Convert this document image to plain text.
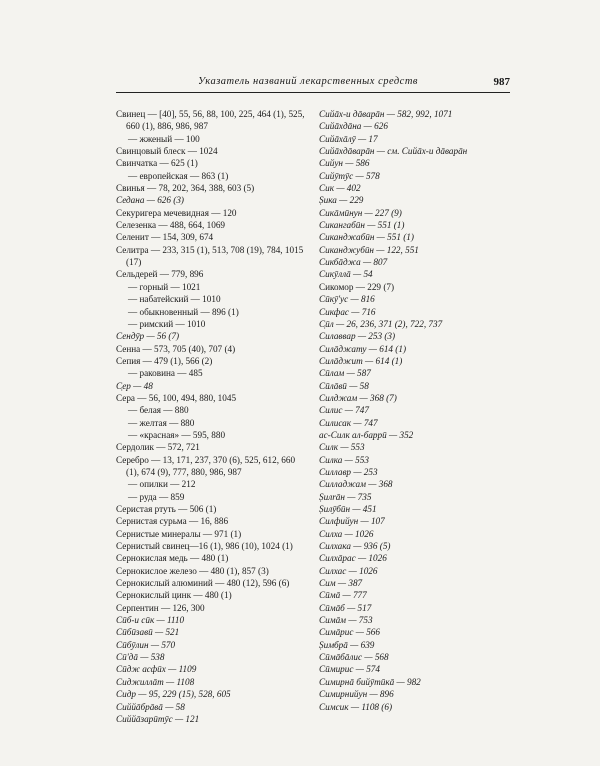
Указатель названий лекарственных средств	987
Свинец — [40], 55, 56, 88, 100, 225, 464 (1), 525, 660 (1), 886, 986, 987
— жженый — 100
Свинцовый блеск — 1024
Свинчатка — 625 (1)
— европейская — 863 (1)
Свинья — 78, 202, 364, 388, 603 (5)
Седана — 626 (3)
Секуригера мечевидная — 120
Селезенка — 488, 664, 1069
Селенит — 154, 309, 674
Селитра — 233, 315 (1), 513, 708 (19), 784, 1015 (17)
Сельдерей — 779, 896
— горный — 1021
— набатейский — 1010
— обыкновенный — 896 (1)
— римский — 1010
Сендӯр — 56 (7)
Сенна — 573, 705 (40), 707 (4)
Сепия — 479 (1), 566 (2)
— раковина — 485
С̣ер — 48
Сера — 56, 100, 494, 880, 1045
— белая — 880
— желтая — 880
— «красная» — 595, 880
Сердолик — 572, 721
Серебро — 13, 171, 237, 370 (6), 525, 612, 660 (1), 674 (9), 777, 880, 986, 987
— опилки — 212
— руда — 859
Серистая ртуть — 506 (1)
Сернистая сурьма — 16, 886
Сернистые минералы — 971 (1)
Сернистый свинец—16 (1), 986 (10), 1024 (1)
Сернокислая медь — 480 (1)
Сернокислое железо — 480 (1), 857 (3)
Сернокислый алюминий — 480 (12), 596 (6)
Сернокислый цинк — 480 (1)
Серпентин — 126, 300
Сӣб-и сӣк — 1110
Сӣбӣзавӣ — 521
Сӣбӯлин — 570
Сӣ'дā — 538
Сӣдж асфӣх — 1109
Сиджиллāт — 1108
Сидр — 95, 229 (15), 528, 605
Сиййāбрāвā — 58
Сиййāзарӣтӯс — 121
Сийāх-и дāварāн — 582, 992, 1071
Сийāхдāна — 626
Сийāхāлӯ — 17
Сийāхдāварāн — см. Сийāх-и дāварāн
Сийун — 586
Сийӯтӯс — 578
Сик — 402
Ṣика — 229
Сикāмӣнун — 227 (9)
Сикангабӣн — 551 (1)
Сиканджабӣн — 551 (1)
Сиканджубӣн — 122, 551
Сикбāджа — 807
Сикӯллā — 54
Сикомор — 229 (7)
Сӣкӯ'ус — 816
Сикфас — 716
С̣ӣл — 26, 236, 371 (2), 722, 737
Силаввар — 253 (3)
Силāджату — 614 (1)
Силāджит — 614 (1)
Сӣлам — 587
Сӣлāвӣ — 58
Силджам — 368 (7)
Силис — 747
Силисак — 747
ас-Силк ал-баррӣ — 352
Силк — 553
Силка — 553
Силлавр — 253
Силладжам — 368
Ṣилrāн — 735
Ṣилӯбӣн — 451
Силфийун — 107
Силха — 1026
Силхака — 936 (5)
Силхāрас — 1026
Силхас — 1026
Сим — 387
Сӣмā — 777
Сӣмāб — 517
Симāм — 753
Симāрис — 566
Ṣимбрā — 639
Сӣмāбāлис — 568
Сӣмирис — 574
Симирнā бийӯтӣкā — 982
Симирнийун — 896
Симсик — 1108 (6)
